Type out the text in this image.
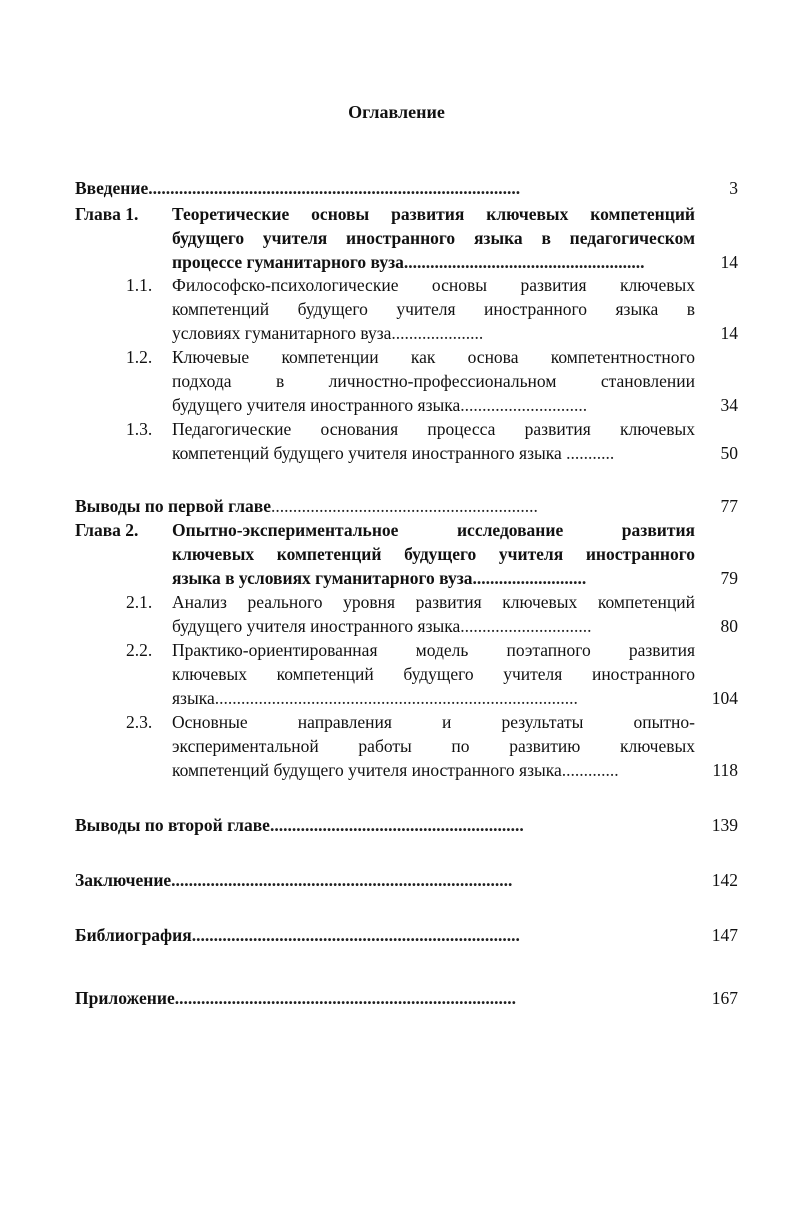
Оглавление
Введение.....................................................................................	3
Глава 1. Теоретические основы развития ключевых компетенций
будущего учителя иностранного языка в педагогическом
процессе гуманитарного вуза.......................................................	14
1.1. Философско-психологические основы развития ключевых
компетенций будущего учителя иностранного языка в
условиях гуманитарного вуза.....................	14
1.2. Ключевые компетенции как основа компетентностного
подхода в личностно-профессиональном становлении
будущего учителя иностранного языка.............................	34
1.3. Педагогические основания процесса развития ключевых
компетенций будущего учителя иностранного языка ...........	50
Выводы по первой главе.............................................................	77
Глава 2. Опытно-экспериментальное исследование развития
ключевых компетенций будущего учителя иностранного
языка в условиях гуманитарного вуза..........................	79
2.1. Анализ реального уровня развития ключевых компетенций
будущего учителя иностранного языка..............................	80
2.2. Практико-ориентированная модель поэтапного развития
ключевых компетенций будущего учителя иностранного
языка...................................................................................	104
2.3. Основные направления и результаты опытно-
экспериментальной работы по развитию ключевых
компетенций будущего учителя иностранного языка.............	118
Выводы по второй главе..........................................................	139
Заключение..............................................................................	142
Библиография...........................................................................	147
Приложение..............................................................................	167
